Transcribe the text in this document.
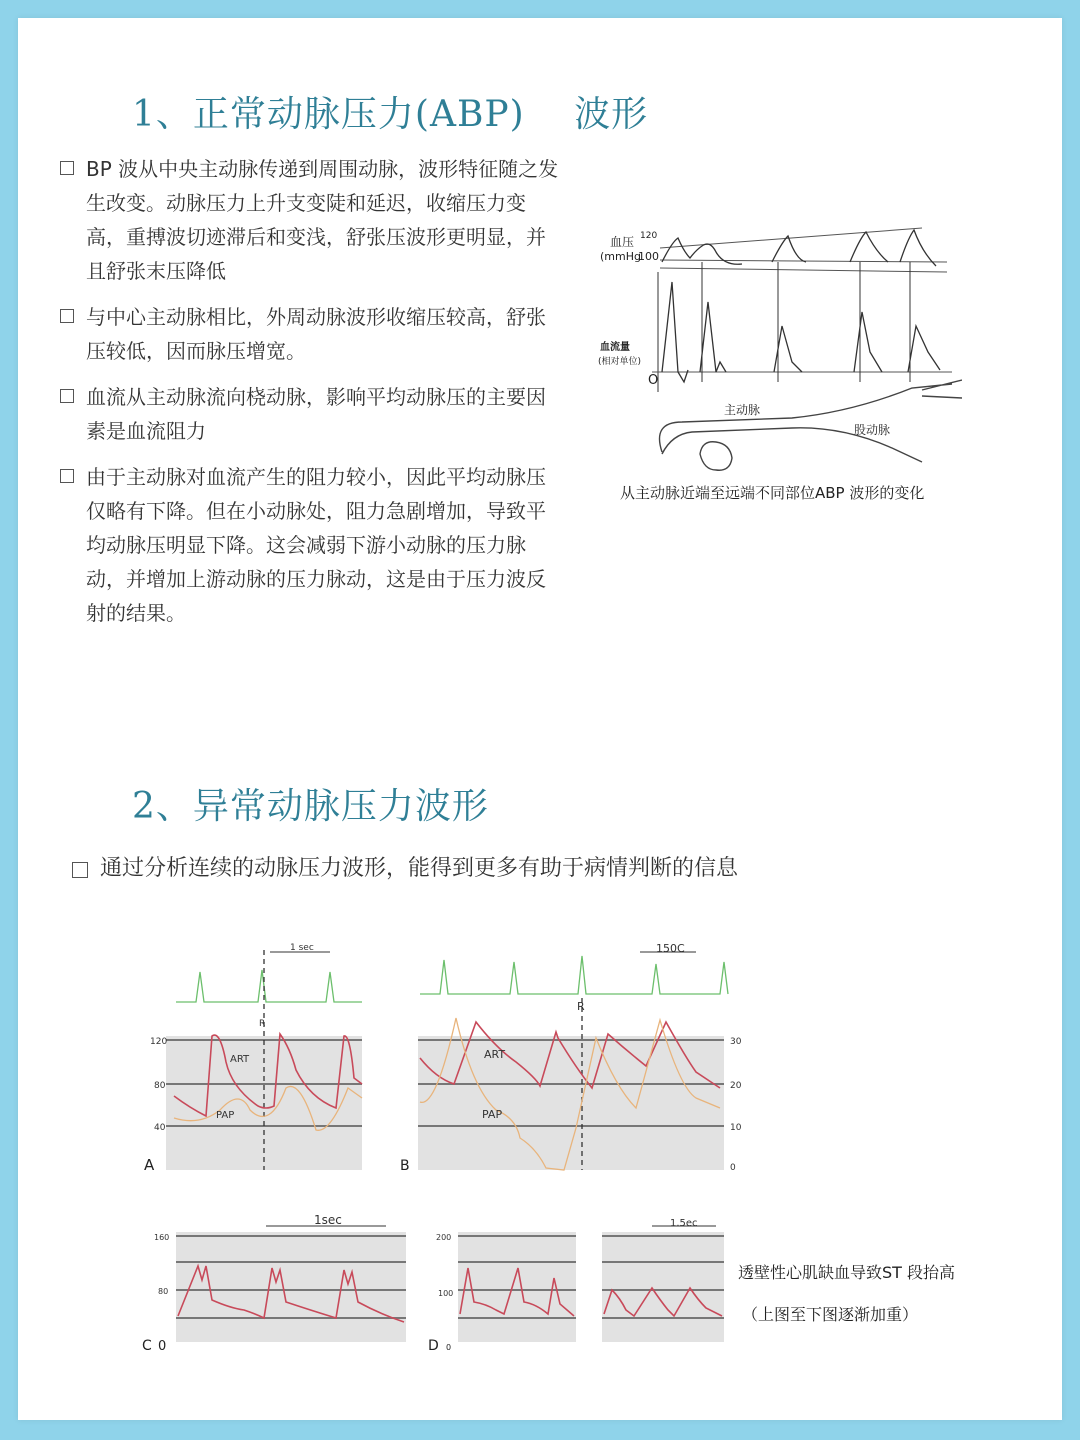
1、正常动脉压力(ABP)　 波形
BP 波从中央主动脉传递到周围动脉，波形特征随之发生改变。动脉压力上升支变陡和延迟，收缩压力变高，重搏波切迹滞后和变浅，舒张压波形更明显，并且舒张末压降低
与中心主动脉相比，外周动脉波形收缩压较高，舒张压较低，因而脉压增宽。
血流从主动脉流向桡动脉，影响平均动脉压的主要因素是血流阻力
由于主动脉对血流产生的阻力较小，因此平均动脉压仅略有下降。但在小动脉处，阻力急剧增加，导致平均动脉压明显下降。这会减弱下游小动脉的压力脉动，并增加上游动脉的压力脉动，这是由于压力波反射的结果。
血压
(mmHg
120
100
血流量
(相对单位)
O
主动脉
股动脉
从主动脉近端至远端不同部位ABP 波形的变化
2、异常动脉压力波形
通过分析连续的动脉压力波形，能得到更多有助于病情判断的信息
120
80
40
1 sec
R
ART
PAP
A
30
20
10
0
150C
R
ART
PAP
B
160
80
1sec
C 0
200
100
D 0
1.5ec
透壁性心肌缺血导致ST 段抬高
（上图至下图逐渐加重）
